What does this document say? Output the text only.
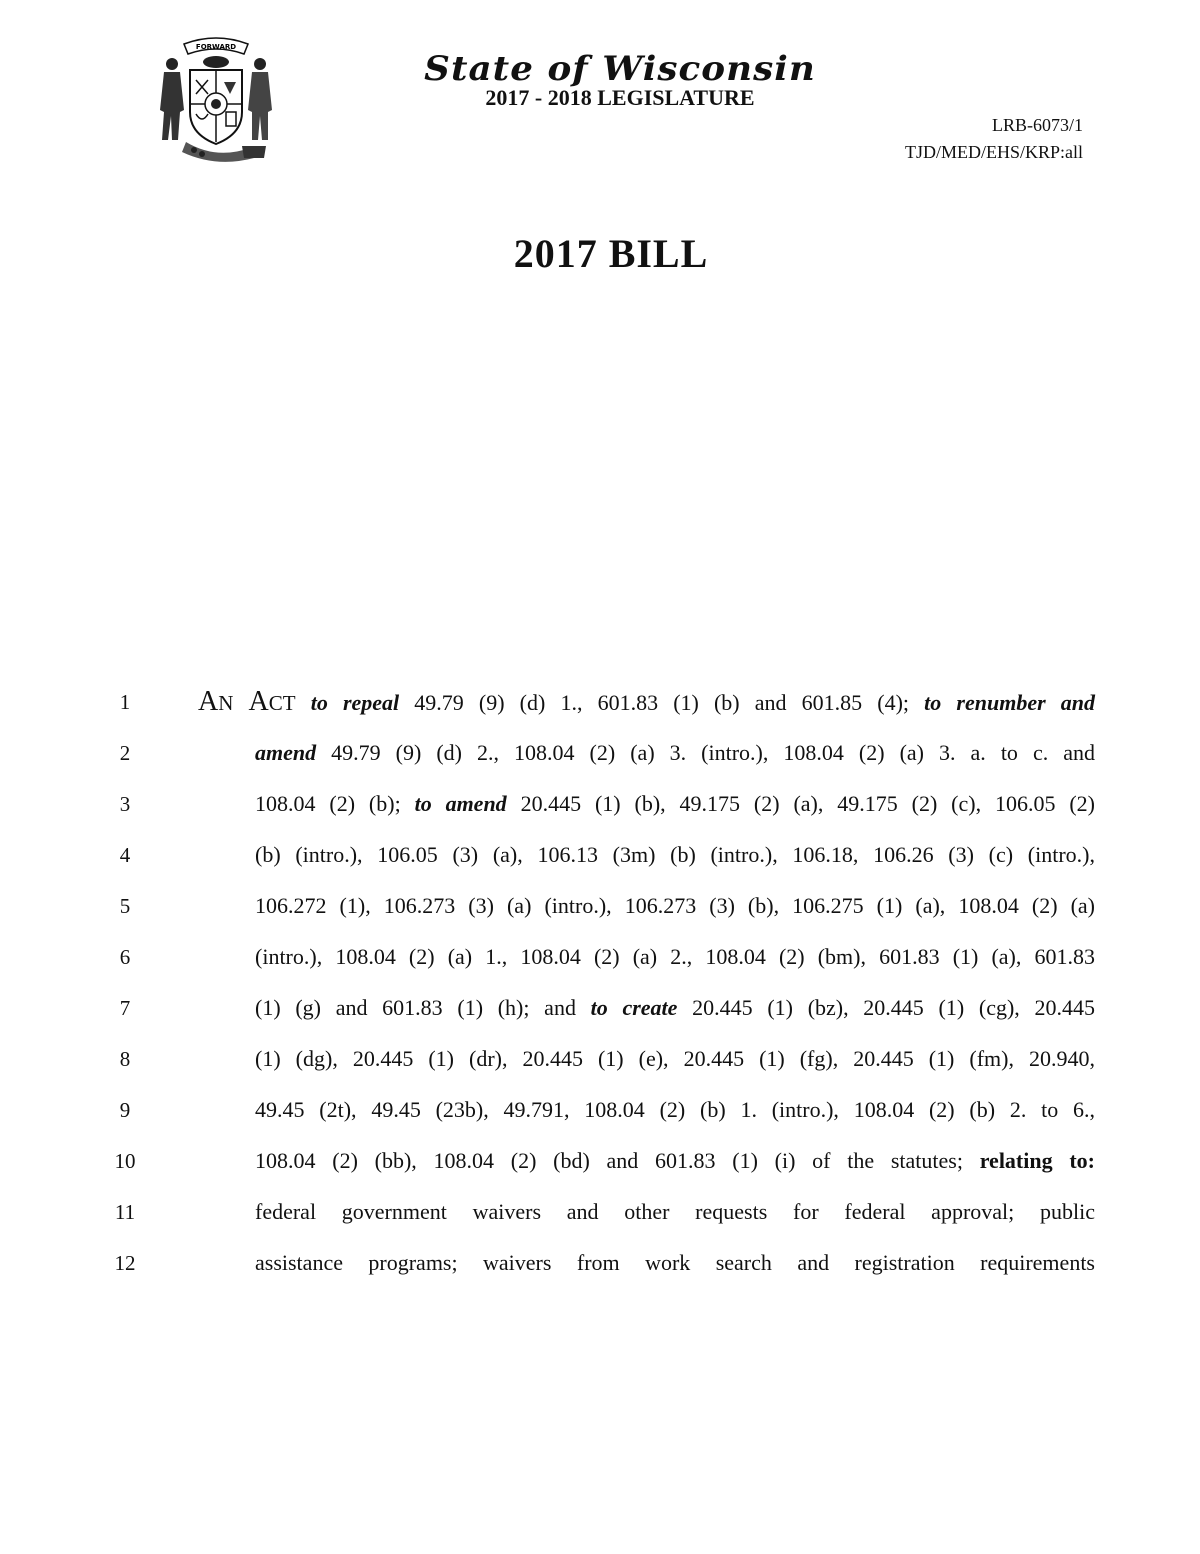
FORWARD
State of Wisconsin
2017 - 2018 LEGISLATURE
LRB-6073/1
TJD/MED/EHS/KRP:all
2017 BILL
1	AN ACT to repeal 49.79 (9) (d) 1., 601.83 (1) (b) and 601.85 (4); to renumber and
2	amend 49.79 (9) (d) 2., 108.04 (2) (a) 3. (intro.), 108.04 (2) (a) 3. a. to c. and
3	108.04 (2) (b); to amend 20.445 (1) (b), 49.175 (2) (a), 49.175 (2) (c), 106.05 (2)
4	(b) (intro.), 106.05 (3) (a), 106.13 (3m) (b) (intro.), 106.18, 106.26 (3) (c) (intro.),
5	106.272 (1), 106.273 (3) (a) (intro.), 106.273 (3) (b), 106.275 (1) (a), 108.04 (2) (a)
6	(intro.), 108.04 (2) (a) 1., 108.04 (2) (a) 2., 108.04 (2) (bm), 601.83 (1) (a), 601.83
7	(1) (g) and 601.83 (1) (h); and to create 20.445 (1) (bz), 20.445 (1) (cg), 20.445
8	(1) (dg), 20.445 (1) (dr), 20.445 (1) (e), 20.445 (1) (fg), 20.445 (1) (fm), 20.940,
9	49.45 (2t), 49.45 (23b), 49.791, 108.04 (2) (b) 1. (intro.), 108.04 (2) (b) 2. to 6.,
10	108.04 (2) (bb), 108.04 (2) (bd) and 601.83 (1) (i) of the statutes; relating to:
11	federal government waivers and other requests for federal approval; public
12	assistance programs; waivers from work search and registration requirements
